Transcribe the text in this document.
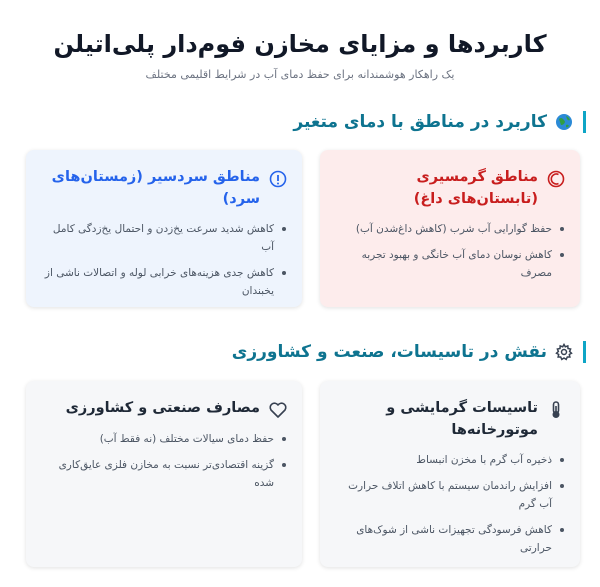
کاربردها و مزایای مخازن فوم‌دار پلی‌اتیلن
یک راهکار هوشمندانه برای حفظ دمای آب در شرایط اقلیمی مختلف
کاربرد در مناطق با دمای متغیر
مناطق گرمسیری (تابستان‌های داغ)
حفظ گوارایی آب شرب (کاهش داغ‌شدن آب)
کاهش نوسان دمای آب خانگی و بهبود تجربه مصرف
مناطق سردسیر (زمستان‌های سرد)
کاهش شدید سرعت یخ‌زدن و احتمال یخ‌زدگی کامل آب
کاهش جدی هزینه‌های خرابی لوله و اتصالات ناشی از یخبندان
نقش در تاسیسات، صنعت و کشاورزی
تاسیسات گرمایشی و موتورخانه‌ها
ذخیره آب گرم با مخزن انبساط
افزایش راندمان سیستم با کاهش اتلاف حرارت آب گرم
کاهش فرسودگی تجهیزات ناشی از شوک‌های حرارتی
مصارف صنعتی و کشاورزی
حفظ دمای سیالات مختلف (نه فقط آب)
گزینه اقتصادی‌تر نسبت به مخازن فلزی عایق‌کاری شده
